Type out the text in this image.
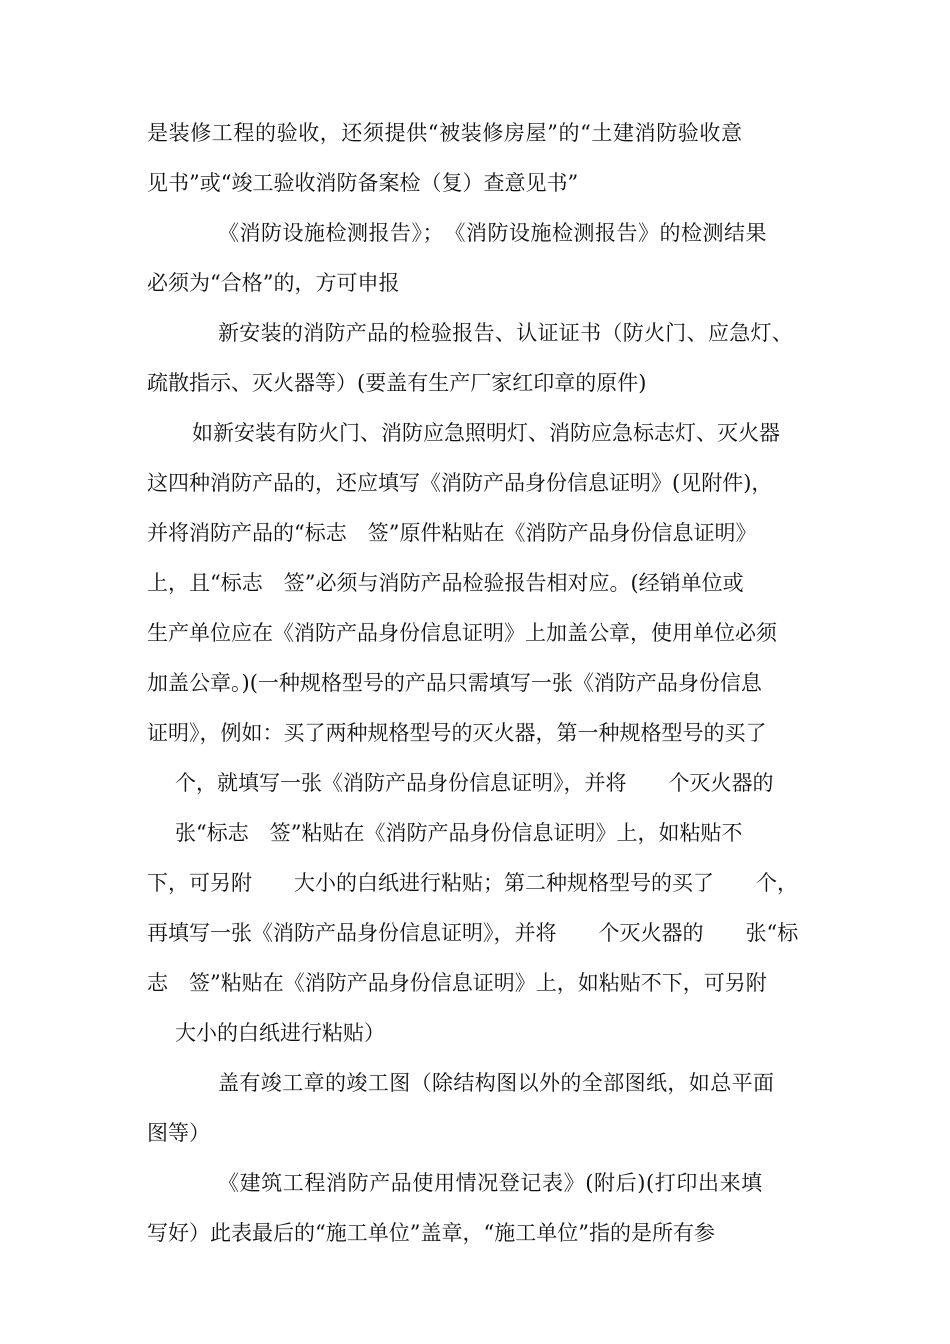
是装修工程的验收，还须提供“被装修房屋”的“土建消防验收意
见书”或“竣工验收消防备案检（复）查意见书”
《消防设施检测报告》；　《消防设施检测报告》的检测结果
必须为“合格”的，方可申报
新安装的消防产品的检验报告、认证证书（防火门、应急灯、
疏散指示、灭火器等）(要盖有生产厂家红印章的原件)
如新安装有防火门、消防应急照明灯、消防应急标志灯、灭火器
这四种消防产品的，还应填写《消防产品身份信息证明》(见附件)，
并将消防产品的“标志　签”原件粘贴在《消防产品身份信息证明》
上，且“标志　签”必须与消防产品检验报告相对应。(经销单位或
生产单位应在《消防产品身份信息证明》上加盖公章，使用单位必须
加盖公章。)(一种规格型号的产品只需填写一张《消防产品身份信息
证明》，例如：买了两种规格型号的灭火器，第一种规格型号的买了
个，就填写一张《消防产品身份信息证明》，并将　　个灭火器的
张“标志　签”粘贴在《消防产品身份信息证明》上，如粘贴不
下，可另附　　大小的白纸进行粘贴；第二种规格型号的买了　　个，
再填写一张《消防产品身份信息证明》，并将　　个灭火器的　　张“标
志　签”粘贴在《消防产品身份信息证明》上，如粘贴不下，可另附
大小的白纸进行粘贴）
盖有竣工章的竣工图（除结构图以外的全部图纸，如总平面
图等）
《建筑工程消防产品使用情况登记表》(附后)(打印出来填
写好）此表最后的“施工单位”盖章，“施工单位”指的是所有参
